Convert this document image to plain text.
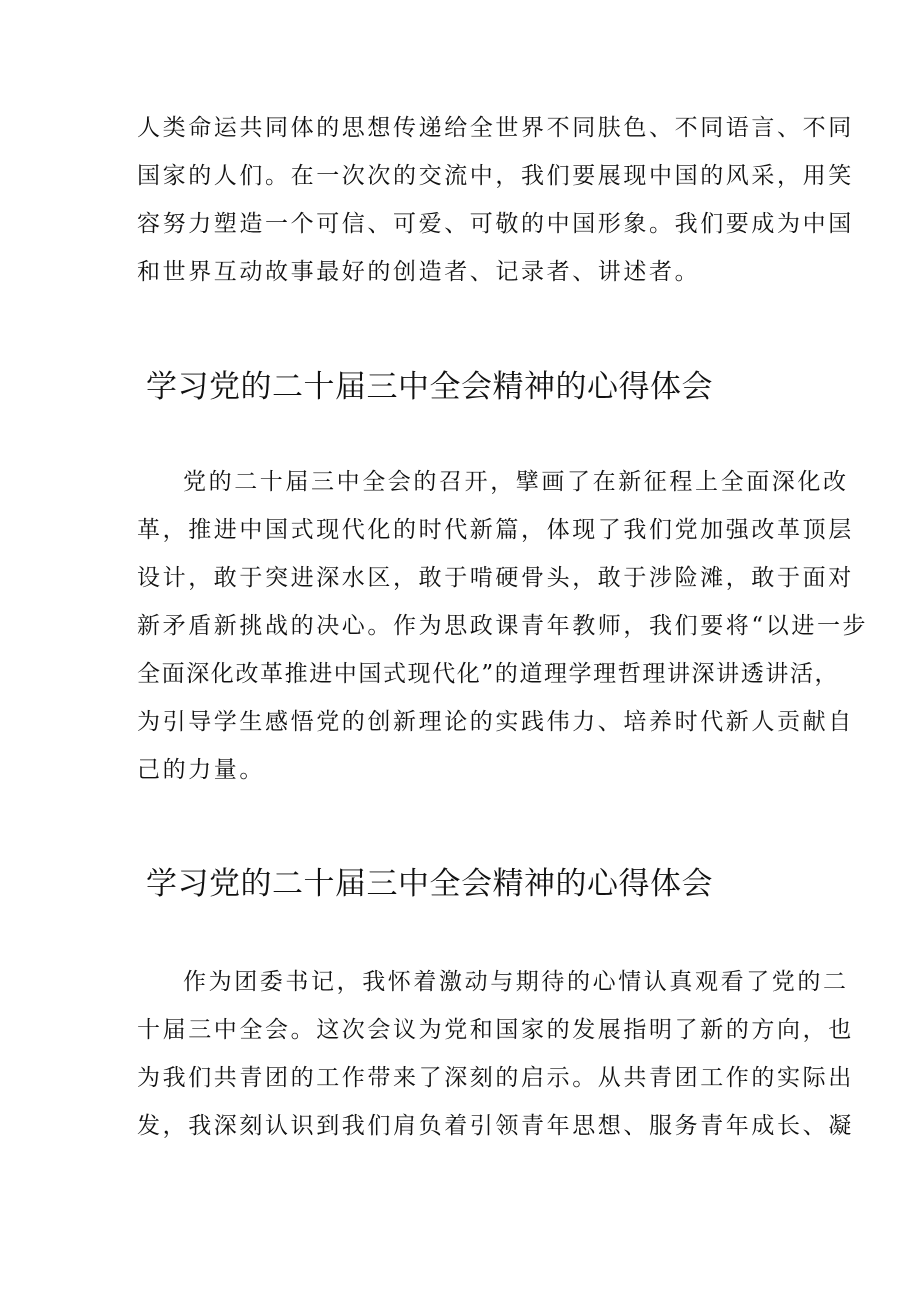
人类命运共同体的思想传递给全世界不同肤色、不同语言、不同
国家的人们。在一次次的交流中，我们要展现中国的风采，用笑
容努力塑造一个可信、可爱、可敬的中国形象。我们要成为中国
和世界互动故事最好的创造者、记录者、讲述者。
学习党的二十届三中全会精神的心得体会
党的二十届三中全会的召开，擘画了在新征程上全面深化改
革，推进中国式现代化的时代新篇，体现了我们党加强改革顶层
设计，敢于突进深水区，敢于啃硬骨头，敢于涉险滩，敢于面对
新矛盾新挑战的决心。作为思政课青年教师，我们要将“以进一步
全面深化改革推进中国式现代化”的道理学理哲理讲深讲透讲活，
为引导学生感悟党的创新理论的实践伟力、培养时代新人贡献自
己的力量。
学习党的二十届三中全会精神的心得体会
作为团委书记，我怀着激动与期待的心情认真观看了党的二
十届三中全会。这次会议为党和国家的发展指明了新的方向，也
为我们共青团的工作带来了深刻的启示。从共青团工作的实际出
发，我深刻认识到我们肩负着引领青年思想、服务青年成长、凝
